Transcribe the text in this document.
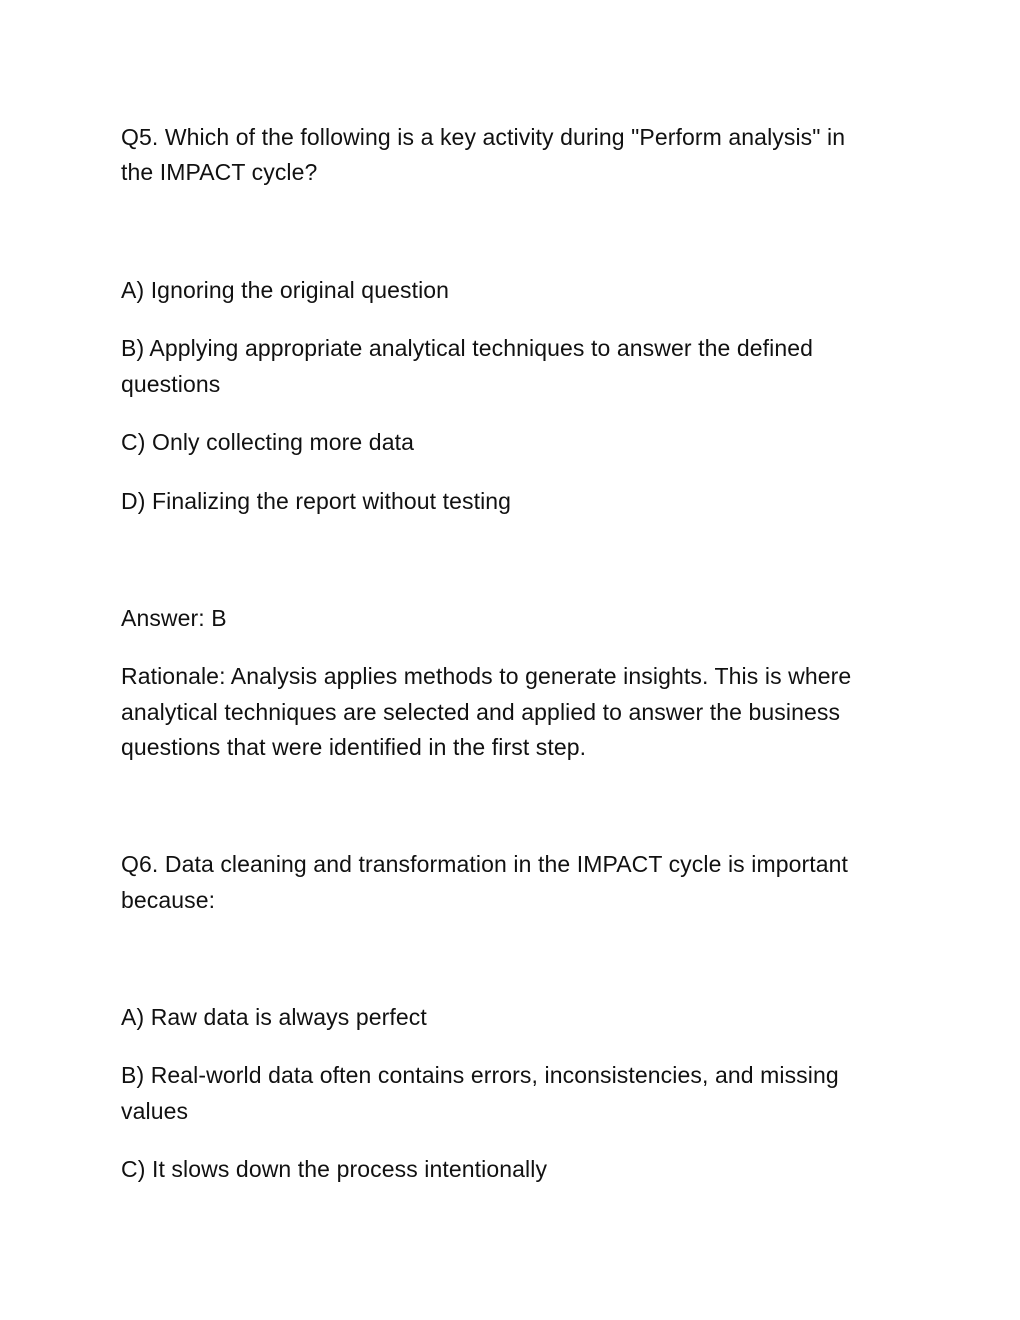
Q5. Which of the following is a key activity during "Perform analysis" in
the IMPACT cycle?
A) Ignoring the original question
B) Applying appropriate analytical techniques to answer the defined
questions
C) Only collecting more data
D) Finalizing the report without testing
Answer: B
Rationale: Analysis applies methods to generate insights. This is where
analytical techniques are selected and applied to answer the business
questions that were identified in the first step.
Q6. Data cleaning and transformation in the IMPACT cycle is important
because:
A) Raw data is always perfect
B) Real-world data often contains errors, inconsistencies, and missing
values
C) It slows down the process intentionally
